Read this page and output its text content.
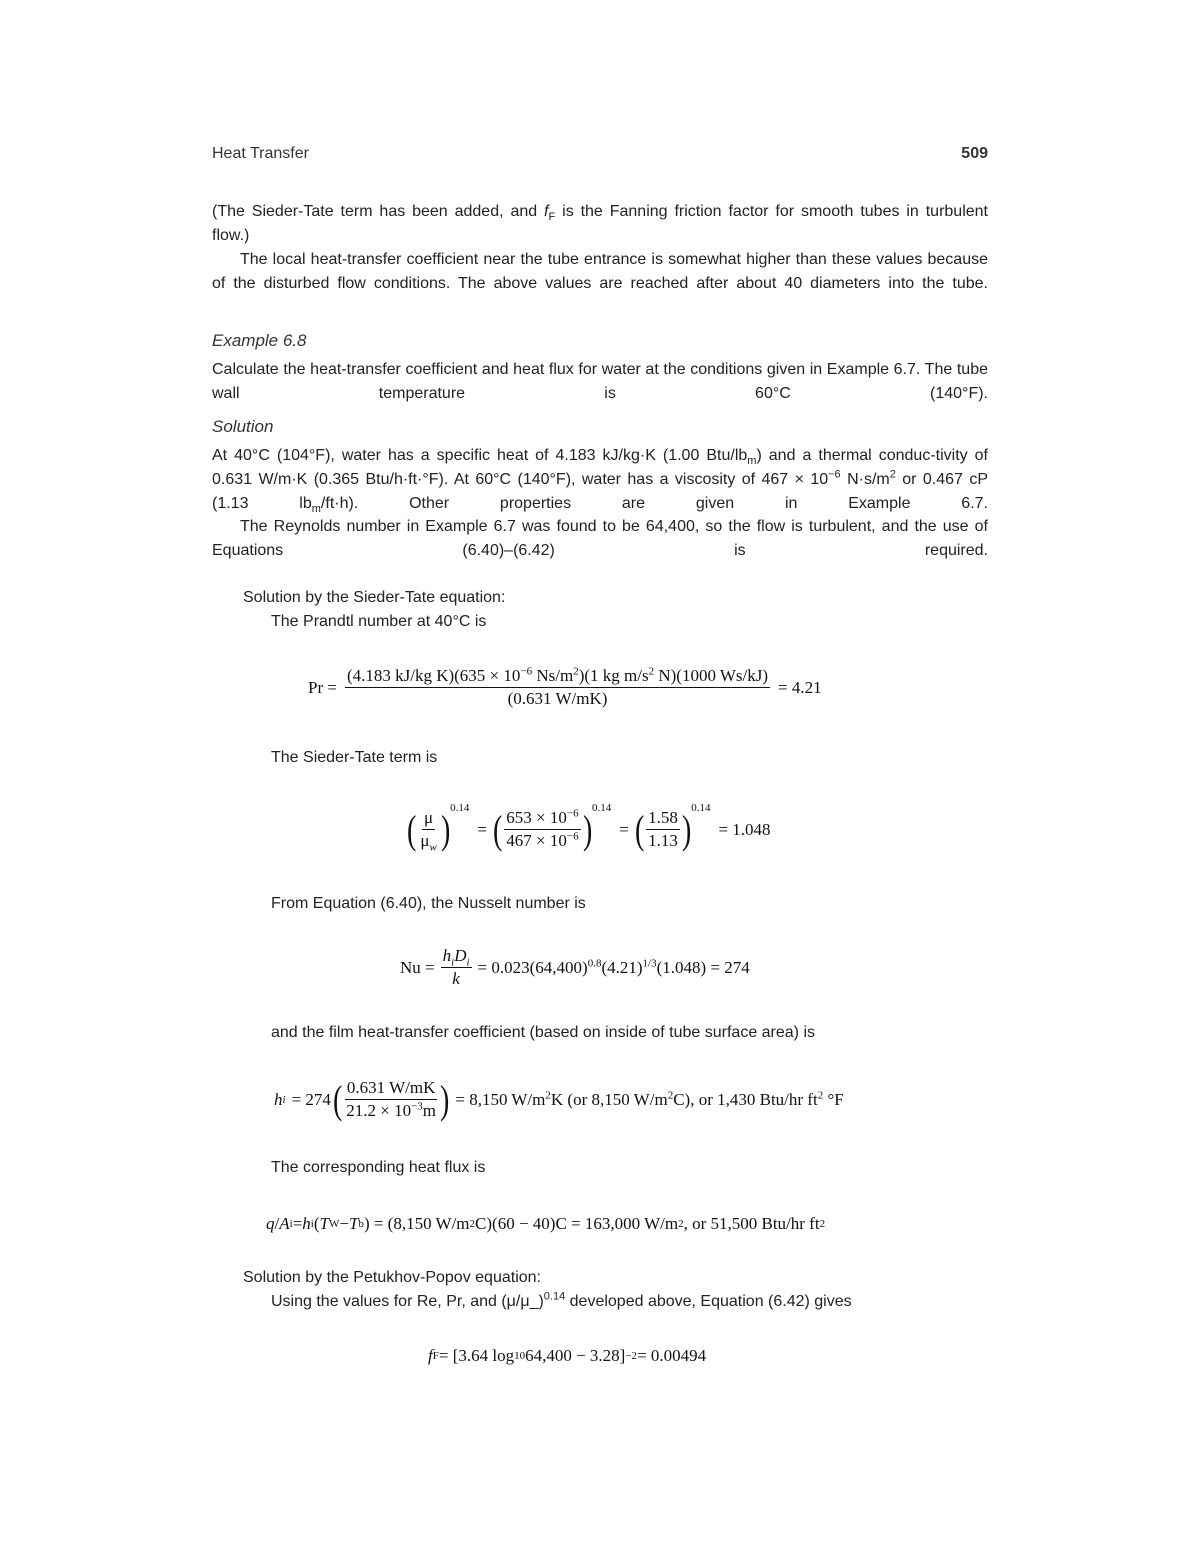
Heat Transfer	509
(The Sieder-Tate term has been added, and $f_F$ is the Fanning friction factor for smooth tubes in turbulent flow.)
The local heat-transfer coefficient near the tube entrance is somewhat higher than these values because of the disturbed flow conditions. The above values are reached after about 40 diameters into the tube.
Example 6.8
Calculate the heat-transfer coefficient and heat flux for water at the conditions given in Example 6.7. The tube wall temperature is 60°C (140°F).
Solution
At 40°C (104°F), water has a specific heat of 4.183 kJ/kg·K (1.00 Btu/$lb_m$) and a thermal conduc-tivity of 0.631 W/m·K (0.365 Btu/h·ft·°F). At 60°C (140°F), water has a viscosity of $467 \times 10^{-6}$ $N\cdot s/m^2$ or 0.467 cP (1.13 $lb_m/ft\cdot h$). Other properties are given in Example 6.7.
The Reynolds number in Example 6.7 was found to be 64,400, so the flow is turbulent, and the use of Equations (6.40)–(6.42) is required.
Solution by the Sieder-Tate equation:
The Prandtl number at 40°C is
$Pr = \frac{(4.183 kJ/kg K)(635 \times 10^{-6} Ns/m^2)(1 kg m/s^2 N)(1000 Ws/kJ)}{(0.631 W/mK)} = 4.21$
The Sieder-Tate term is
( $\frac{\mu}{\mu_w}$ ) 0.14
= ( $\frac{653 \times 10^{-6}}{467 \times 10^{-6}}$ ) 0.14
= ( $\frac{1.58}{1.13}$ ) 0.14
= 1.048
From Equation (6.40), the Nusselt number is
$Nu = \frac{h_iD_i}{k} = 0.023(64,400)^{0.8}(4.21)^{1/3}(1.048) = 274$
and the film heat-transfer coefficient (based on inside of tube surface area) is
h i = 274 ( $\frac{0.631 W/mK}{21.2 \times 10^{-3}m}$ ) = 8,150 $W/m^2K$ (or 8,150 $W/m^2C$), or 1,430 Btu/hr $ft^2$ °F
The corresponding heat flux is
q / A i = h i ( T W − T b ) = (8,150 W/m 2 C)(60 − 40)C = 163,000 W/m 2 , or 51,500 Btu/hr ft 2
Solution by the Petukhov-Popov equation:
Using the values for Re, Pr, and (μ/μ_)$^{0.14}$ developed above, Equation (6.42) gives
f F = [3.64 log 10 64,400 − 3.28] −2 = 0.00494
